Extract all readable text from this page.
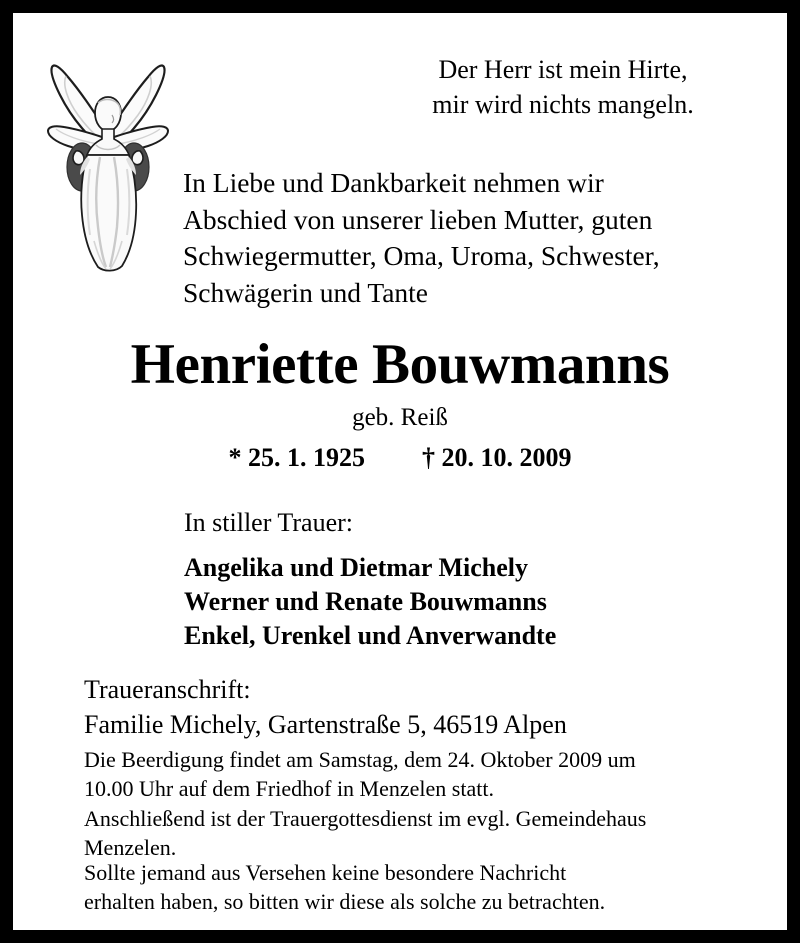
Der Herr ist mein Hirte,
mir wird nichts mangeln.
In Liebe und Dankbarkeit nehmen wir
Abschied von unserer lieben Mutter, guten
Schwiegermutter, Oma, Uroma, Schwester,
Schwägerin und Tante
Henriette Bouwmanns
geb. Reiß
* 25. 1. 1925 † 20. 10. 2009
In stiller Trauer:
Angelika und Dietmar Michely
Werner und Renate Bouwmanns
Enkel, Urenkel und Anverwandte
Traueranschrift:
Familie Michely, Gartenstraße 5, 46519 Alpen
Die Beerdigung findet am Samstag, dem 24. Oktober 2009 um
10.00 Uhr auf dem Friedhof in Menzelen statt.
Anschließend ist der Trauergottesdienst im evgl. Gemeindehaus
Menzelen.
Sollte jemand aus Versehen keine besondere Nachricht
erhalten haben, so bitten wir diese als solche zu betrachten.
